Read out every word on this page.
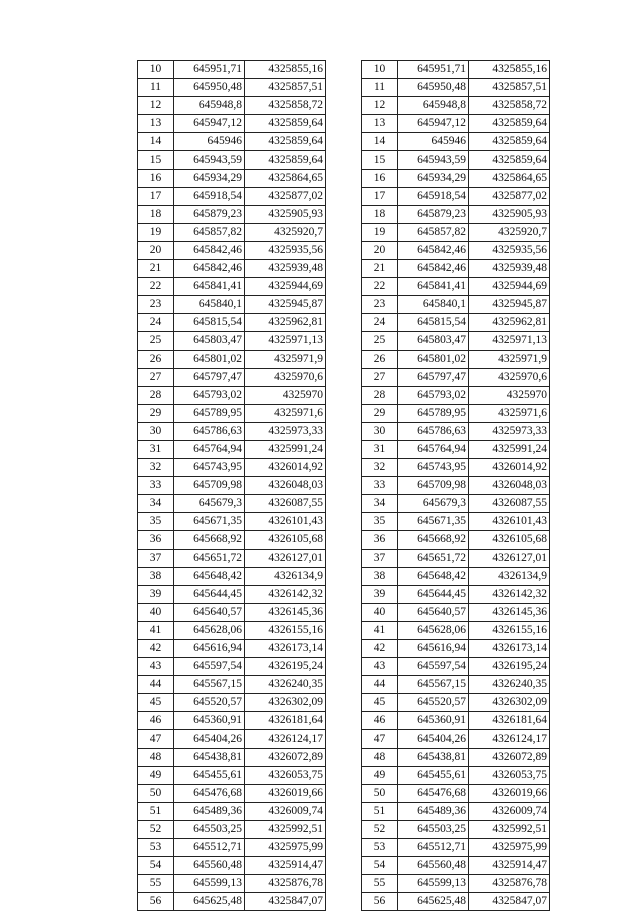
10	645951,71	4325855,16
11	645950,48	4325857,51
12	645948,8	4325858,72
13	645947,12	4325859,64
14	645946	4325859,64
15	645943,59	4325859,64
16	645934,29	4325864,65
17	645918,54	4325877,02
18	645879,23	4325905,93
19	645857,82	4325920,7
20	645842,46	4325935,56
21	645842,46	4325939,48
22	645841,41	4325944,69
23	645840,1	4325945,87
24	645815,54	4325962,81
25	645803,47	4325971,13
26	645801,02	4325971,9
27	645797,47	4325970,6
28	645793,02	4325970
29	645789,95	4325971,6
30	645786,63	4325973,33
31	645764,94	4325991,24
32	645743,95	4326014,92
33	645709,98	4326048,03
34	645679,3	4326087,55
35	645671,35	4326101,43
36	645668,92	4326105,68
37	645651,72	4326127,01
38	645648,42	4326134,9
39	645644,45	4326142,32
40	645640,57	4326145,36
41	645628,06	4326155,16
42	645616,94	4326173,14
43	645597,54	4326195,24
44	645567,15	4326240,35
45	645520,57	4326302,09
46	645360,91	4326181,64
47	645404,26	4326124,17
48	645438,81	4326072,89
49	645455,61	4326053,75
50	645476,68	4326019,66
51	645489,36	4326009,74
52	645503,25	4325992,51
53	645512,71	4325975,99
54	645560,48	4325914,47
55	645599,13	4325876,78
56	645625,48	4325847,07
10	645951,71	4325855,16
11	645950,48	4325857,51
12	645948,8	4325858,72
13	645947,12	4325859,64
14	645946	4325859,64
15	645943,59	4325859,64
16	645934,29	4325864,65
17	645918,54	4325877,02
18	645879,23	4325905,93
19	645857,82	4325920,7
20	645842,46	4325935,56
21	645842,46	4325939,48
22	645841,41	4325944,69
23	645840,1	4325945,87
24	645815,54	4325962,81
25	645803,47	4325971,13
26	645801,02	4325971,9
27	645797,47	4325970,6
28	645793,02	4325970
29	645789,95	4325971,6
30	645786,63	4325973,33
31	645764,94	4325991,24
32	645743,95	4326014,92
33	645709,98	4326048,03
34	645679,3	4326087,55
35	645671,35	4326101,43
36	645668,92	4326105,68
37	645651,72	4326127,01
38	645648,42	4326134,9
39	645644,45	4326142,32
40	645640,57	4326145,36
41	645628,06	4326155,16
42	645616,94	4326173,14
43	645597,54	4326195,24
44	645567,15	4326240,35
45	645520,57	4326302,09
46	645360,91	4326181,64
47	645404,26	4326124,17
48	645438,81	4326072,89
49	645455,61	4326053,75
50	645476,68	4326019,66
51	645489,36	4326009,74
52	645503,25	4325992,51
53	645512,71	4325975,99
54	645560,48	4325914,47
55	645599,13	4325876,78
56	645625,48	4325847,07
